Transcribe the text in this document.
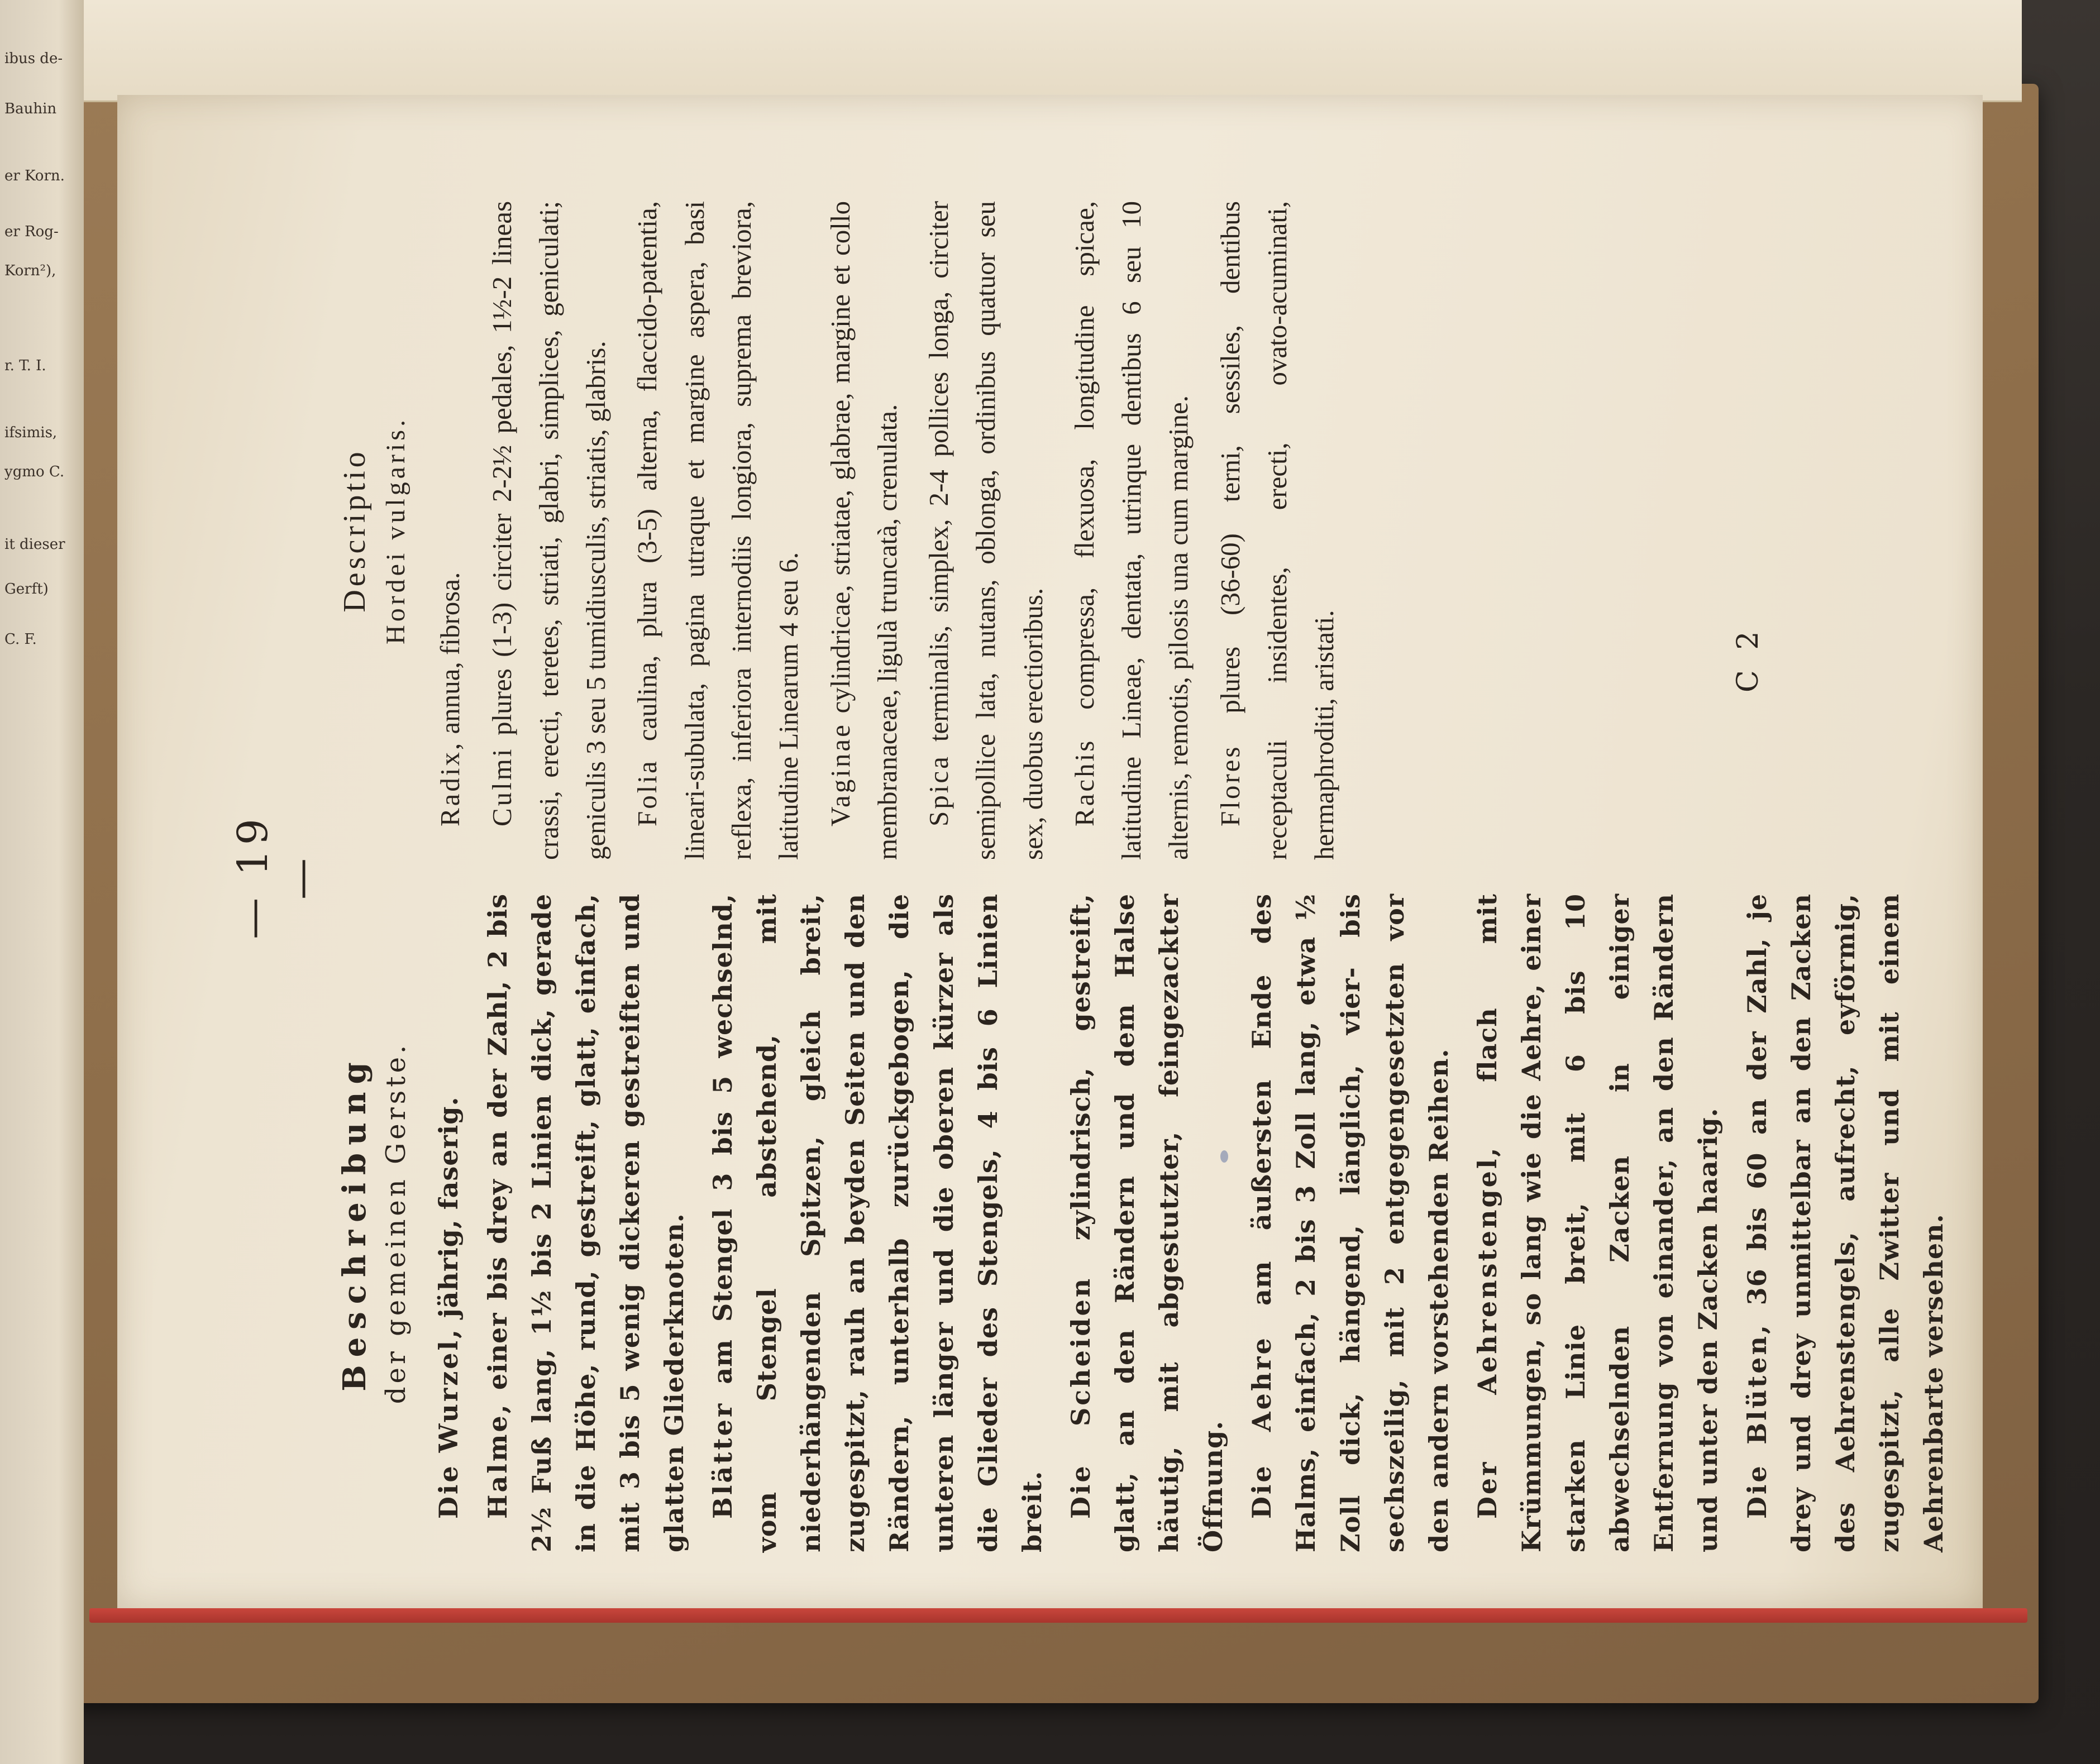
ibus de-
Bauhin
er Korn.
er Rog-
Korn²),
r. T. I.
ifsimis,
ygmo C.
it dieser
Gerft)
C. F.
— 19 —
Beschreibung der gemeinen Gerste.

Die Wurzel, jährig, faserig.

Halme, einer bis drey an der Zahl, 2 bis 2½ Fuß lang, 1½ bis 2 Linien dick, gerade in die Höhe, rund, gestreift, glatt, einfach, mit 3 bis 5 wenig dickeren gestreiften und glatten Gliederknoten. Blätter am Stengel 3 bis 5 wechselnd, vom Stengel abstehend, mit niederhängenden Spitzen, gleich breit, zugespitzt, rauh an beyden Seiten und den Rändern, unterhalb zurückgebogen, die unteren länger und die oberen kürzer als die Glieder des Stengels, 4 bis 6 Linien breit. Die Scheiden zylindrisch, gestreift, glatt, an den Rändern und dem Halse häutig, mit abgestutzter, feingezackter Öffnung. Die Aehre am äußersten Ende des Halms, einfach, 2 bis 3 Zoll lang, etwa ½ Zoll dick, hängend, länglich, vier- bis sechszeilig, mit 2 entgegengesetzten vor den andern vorstehenden Reihen. Der Aehrenstengel, flach mit Krümmungen, so lang wie die Aehre, einer starken Linie breit, mit 6 bis 10 abwechselnden Zacken in einiger Entfernung von einander, an den Rändern und unter den Zacken haarig. Die Blüten, 36 bis 60 an der Zahl, je drey und drey unmittelbar an den Zacken des Aehrenstengels, aufrecht, eyförmig, zugespitzt, alle Zwitter und mit einem Aehrenbarte versehen.

Descriptio Hordei vulgaris.

Radix, annua, fibrosa.

Culmi plures (1-3) circiter 2-2½ pedales, 1½-2 lineas crassi, erecti, teretes, striati, glabri, simplices, geniculati; geniculis 3 seu 5 tumidiusculis, striatis, glabris. Folia caulina, plura (3-5) alterna, flaccido-patentia, lineari-subulata, pagina utraque et margine aspera, basi reflexa, inferiora internodiis longiora, suprema breviora, latitudine Linearum 4 seu 6. Vaginae cylindricae, striatae, glabrae, margine et collo membranaceae, ligulà truncatà, crenulata. Spica terminalis, simplex, 2-4 pollices longa, circiter semipollice lata, nutans, oblonga, ordinibus quatuor seu sex, duobus erectioribus. Rachis compressa, flexuosa, longitudine spicae, latitudine Lineae, dentata, utrinque dentibus 6 seu 10 alternis, remotis, pilosis una cum margine. Flores plures (36-60) terni, sessiles, dentibus receptaculi insidentes, erecti, ovato-acuminati, hermaphroditi, aristati.	C 2
